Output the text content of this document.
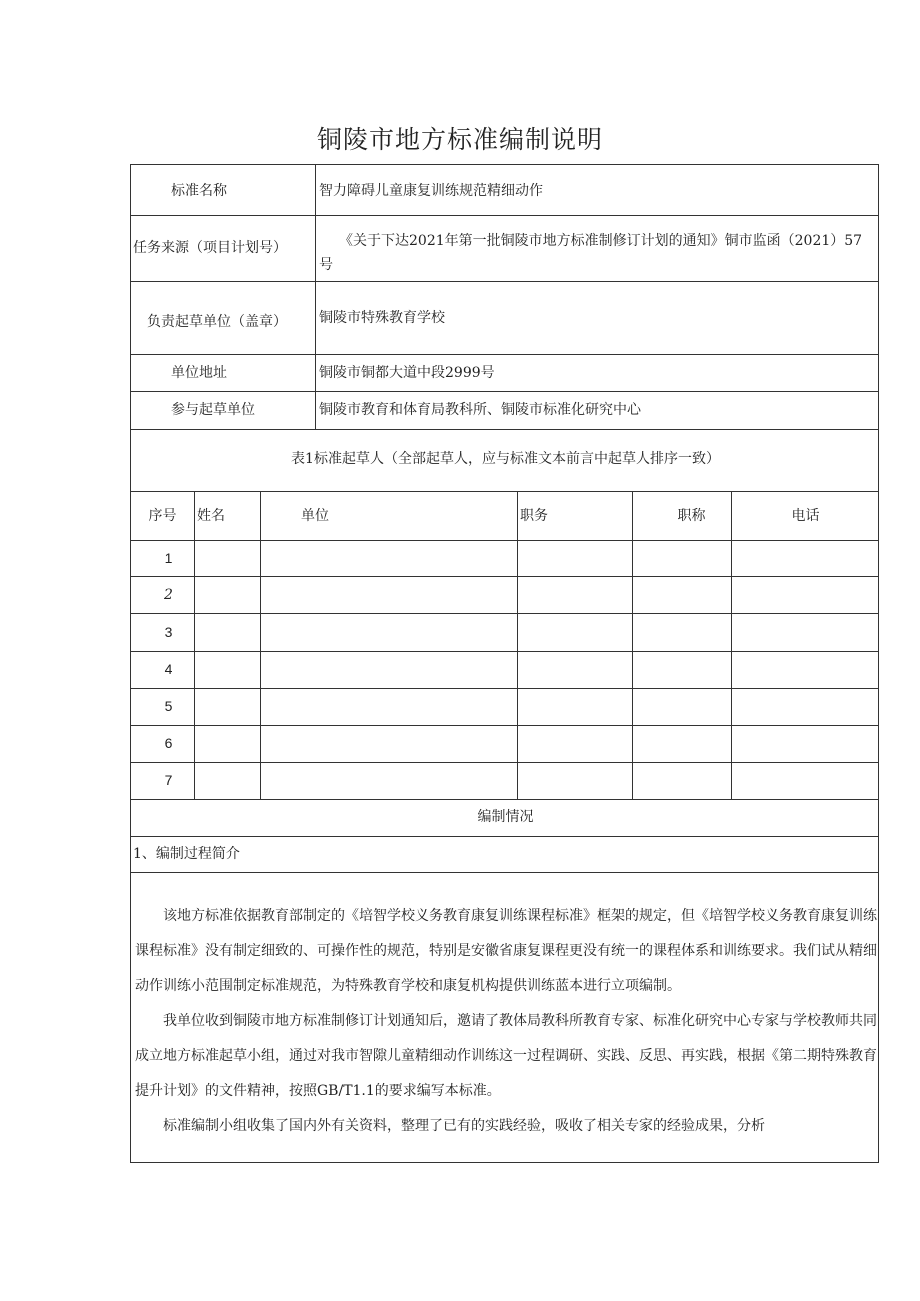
铜陵市地方标准编制说明
标准名称	智力障碍儿童康复训练规范精细动作
任务来源（项目计划号）	《关于下达2021年第一批铜陵市地方标准制修订计划的通知》铜市监函（2021）57号
负责起草单位（盖章） 铜陵市特殊教育学校
单位地址	铜陵市铜都大道中段2999号
参与起草单位	铜陵市教育和体育局教科所、铜陵市标准化研究中心
表1标准起草人（全部起草人，应与标准文本前言中起草人排序一致）
序号	姓名	单位	职务	职称	电话
1
2
3
4
5
6
7
编制情况
1、编制过程简介
该地方标准依据教育部制定的《培智学校义务教育康复训练课程标准》框架的规定，但《培智学校义务教育康复训练课程标准》没有制定细致的、可操作性的规范，特别是安徽省康复课程更没有统一的课程体系和训练要求。我们试从精细动作训练小范围制定标准规范，为特殊教育学校和康复机构提供训练蓝本进行立项编制。
我单位收到铜陵市地方标准制修订计划通知后，邀请了教体局教科所教育专家、标准化研究中心专家与学校教师共同成立地方标准起草小组，通过对我市智隙儿童精细动作训练这一过程调研、实践、反思、再实践，根据《第二期特殊教育提升计划》的文件精神，按照GB/T1.1的要求编写本标准。
标准编制小组收集了国内外有关资料，整理了已有的实践经验，吸收了相关专家的经验成果，分析
